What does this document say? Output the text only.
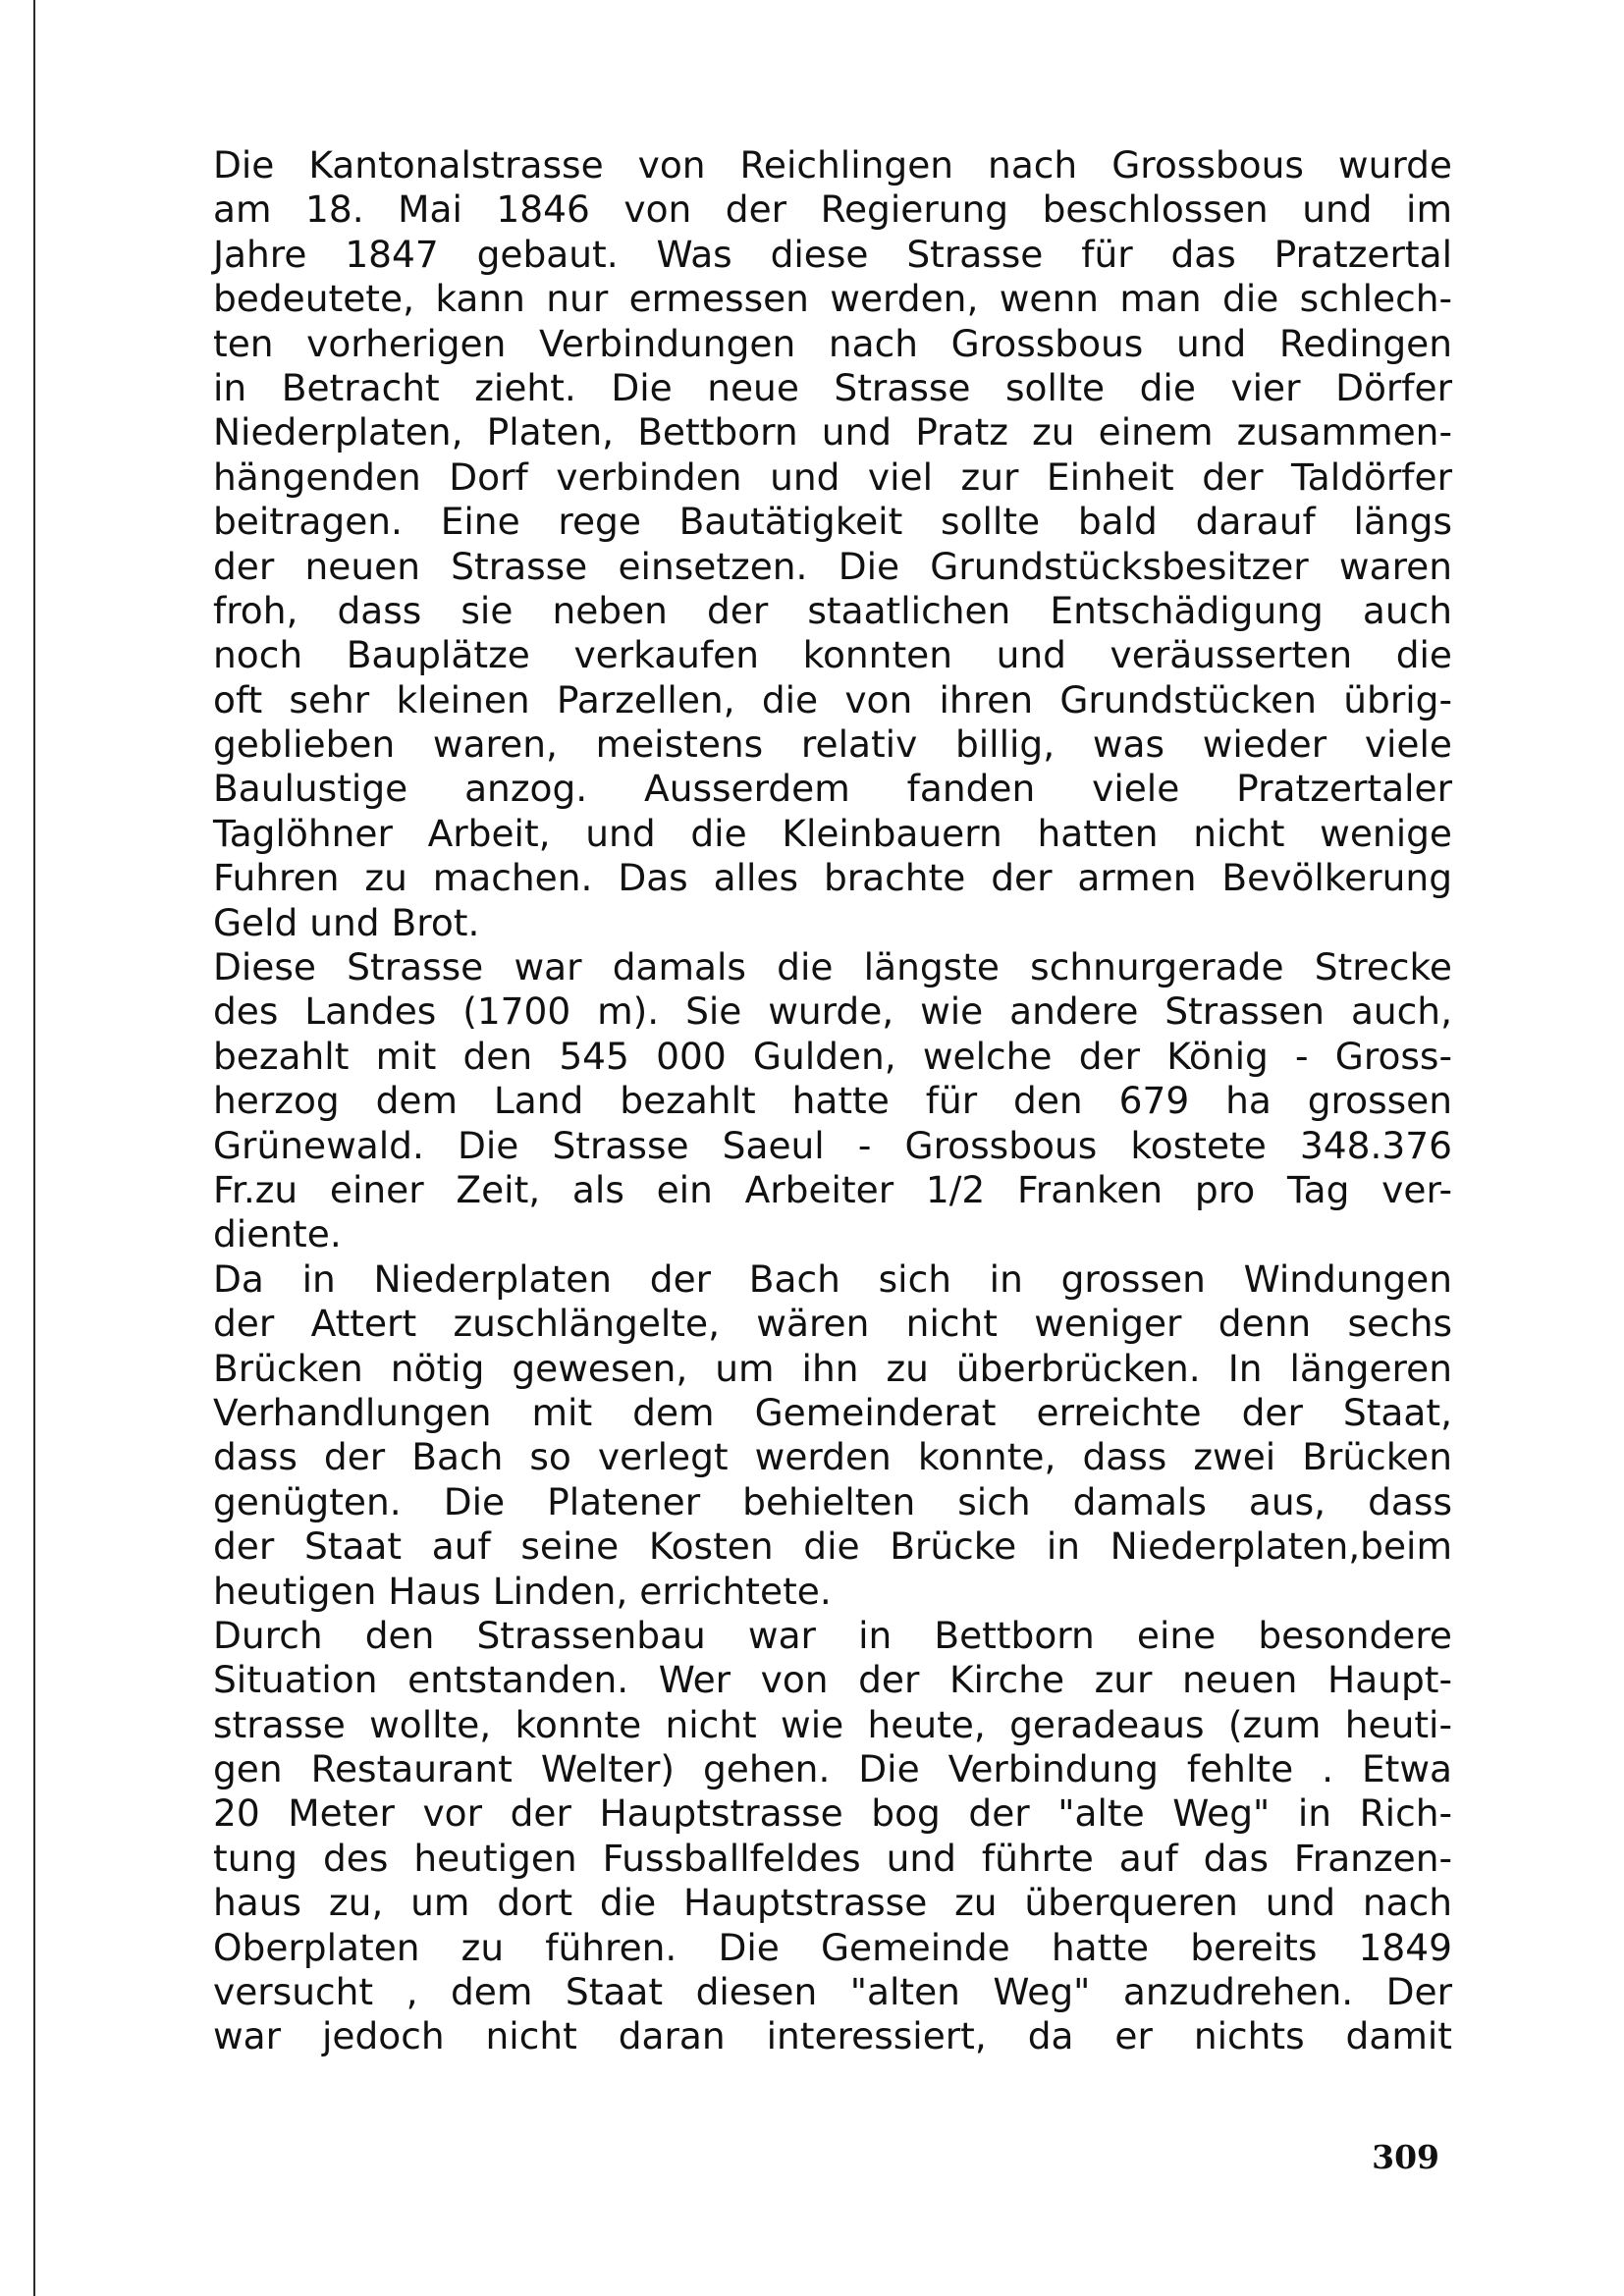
Die Kantonalstrasse von Reichlingen nach Grossbous wurde
am 18. Mai 1846 von der Regierung beschlossen und im
Jahre 1847 gebaut. Was diese Strasse für das Pratzertal
bedeutete, kann nur ermessen werden, wenn man die schlech-
ten vorherigen Verbindungen nach Grossbous und Redingen
in Betracht zieht. Die neue Strasse sollte die vier Dörfer
Niederplaten, Platen, Bettborn und Pratz zu einem zusammen-
hängenden Dorf verbinden und viel zur Einheit der Taldörfer
beitragen. Eine rege Bautätigkeit sollte bald darauf längs
der neuen Strasse einsetzen. Die Grundstücksbesitzer waren
froh, dass sie neben der staatlichen Entschädigung auch
noch Bauplätze verkaufen konnten und veräusserten die
oft sehr kleinen Parzellen, die von ihren Grundstücken übrig-
geblieben waren, meistens relativ billig, was wieder viele
Baulustige anzog. Ausserdem fanden viele Pratzertaler
Taglöhner Arbeit, und die Kleinbauern hatten nicht wenige
Fuhren zu machen. Das alles brachte der armen Bevölkerung
Geld und Brot.
Diese Strasse war damals die längste schnurgerade Strecke
des Landes (1700 m). Sie wurde, wie andere Strassen auch,
bezahlt mit den 545 000 Gulden, welche der König - Gross-
herzog dem Land bezahlt hatte für den 679 ha grossen
Grünewald. Die Strasse Saeul - Grossbous kostete 348.376
Fr.zu einer Zeit, als ein Arbeiter 1/2 Franken pro Tag ver-
diente.
Da in Niederplaten der Bach sich in grossen Windungen
der Attert zuschlängelte, wären nicht weniger denn sechs
Brücken nötig gewesen, um ihn zu überbrücken. In längeren
Verhandlungen mit dem Gemeinderat erreichte der Staat,
dass der Bach so verlegt werden konnte, dass zwei Brücken
genügten. Die Platener behielten sich damals aus, dass
der Staat auf seine Kosten die Brücke in Niederplaten,beim
heutigen Haus Linden, errichtete.
Durch den Strassenbau war in Bettborn eine besondere
Situation entstanden. Wer von der Kirche zur neuen Haupt-
strasse wollte, konnte nicht wie heute, geradeaus (zum heuti-
gen Restaurant Welter) gehen. Die Verbindung fehlte . Etwa
20 Meter vor der Hauptstrasse bog der "alte Weg" in Rich-
tung des heutigen Fussballfeldes und führte auf das Franzen-
haus zu, um dort die Hauptstrasse zu überqueren und nach
Oberplaten zu führen. Die Gemeinde hatte bereits 1849
versucht , dem Staat diesen "alten Weg" anzudrehen. Der
war jedoch nicht daran interessiert, da er nichts damit
309
